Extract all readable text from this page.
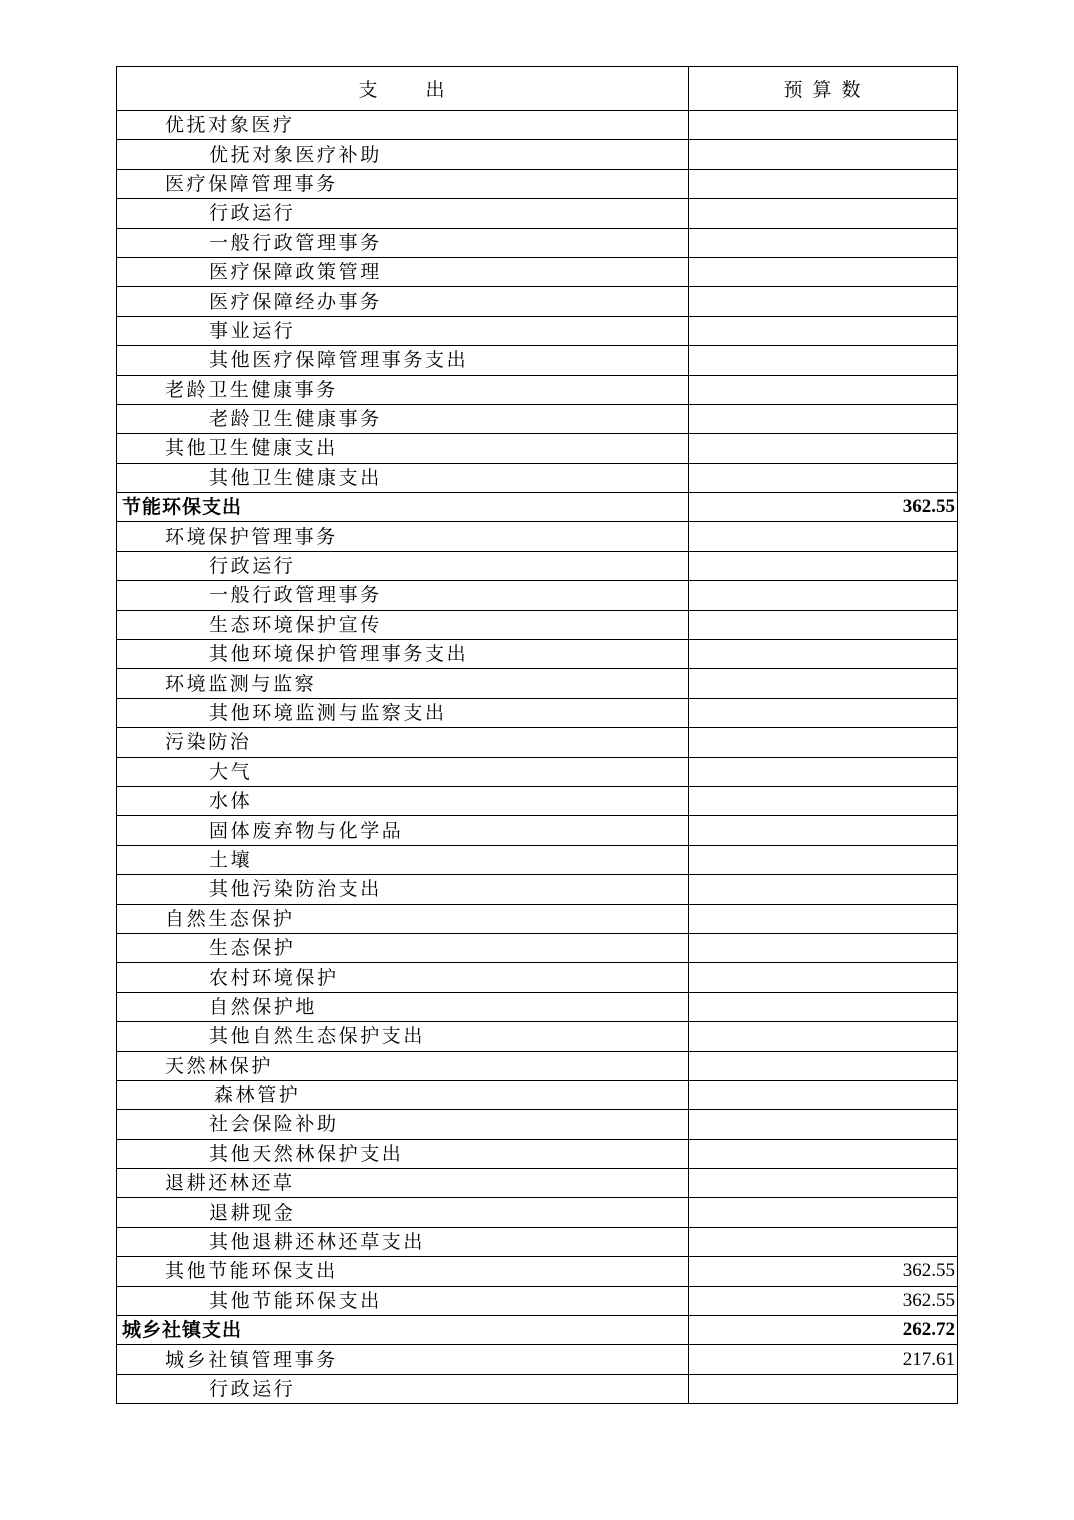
支 出	预 算 数
优抚对象医疗	
优抚对象医疗补助	
医疗保障管理事务	
行政运行	
一般行政管理事务	
医疗保障政策管理	
医疗保障经办事务	
事业运行	
其他医疗保障管理事务支出	
老龄卫生健康事务	
老龄卫生健康事务	
其他卫生健康支出	
其他卫生健康支出	
节能环保支出	362.55
环境保护管理事务	
行政运行	
一般行政管理事务	
生态环境保护宣传	
其他环境保护管理事务支出	
环境监测与监察	
其他环境监测与监察支出	
污染防治	
大气	
水体	
固体废弃物与化学品	
土壤	
其他污染防治支出	
自然生态保护	
生态保护	
农村环境保护	
自然保护地	
其他自然生态保护支出	
天然林保护	
森林管护	
社会保险补助	
其他天然林保护支出	
退耕还林还草	
退耕现金	
其他退耕还林还草支出	
其他节能环保支出	362.55
其他节能环保支出	362.55
城乡社镇支出	262.72
城乡社镇管理事务	217.61
行政运行	
